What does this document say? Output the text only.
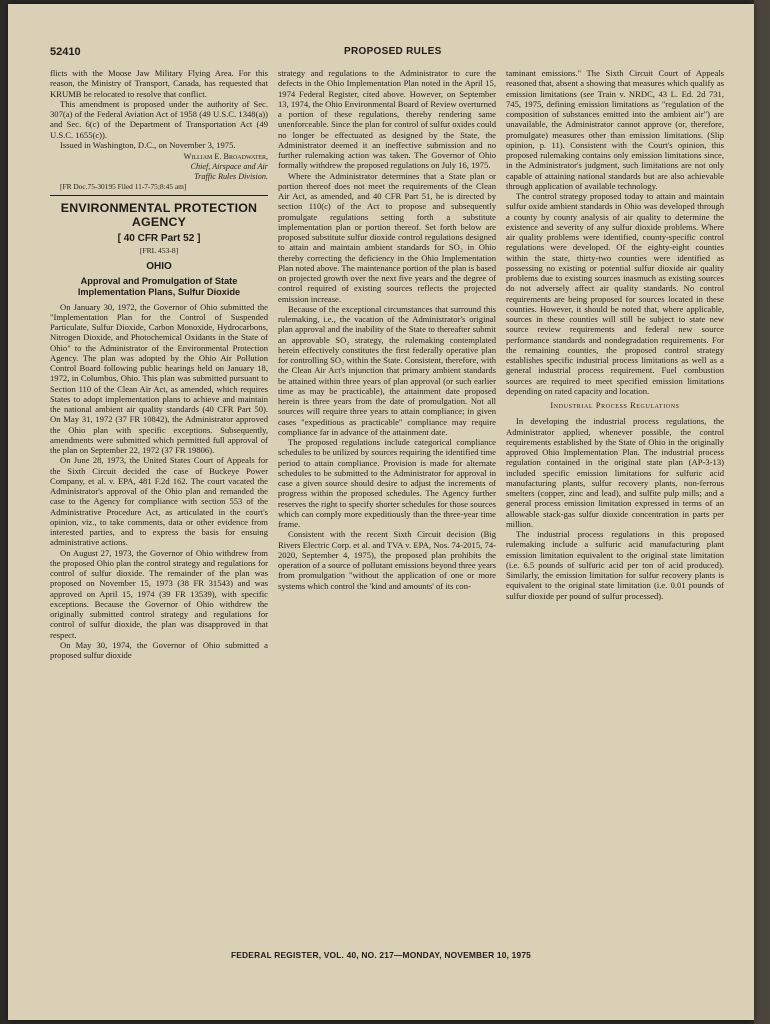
52410	PROPOSED RULES

flicts with the Moose Jaw Military Flying Area. For this reason, the Ministry of Transport, Canada, has requested that KRUMB be relocated to resolve that conflict.

This amendment is proposed under the authority of Sec. 307(a) of the Federal Aviation Act of 1958 (49 U.S.C. 1348(a)) and Sec. 6(c) of the Department of Transportation Act (49 U.S.C. 1655(c)).

Issued in Washington, D.C., on November 3, 1975.

William E. Broadwater,
Chief, Airspace and Air
Traffic Rules Division.

[FR Doc.75-30195 Filed 11-7-75;8:45 am]

ENVIRONMENTAL PROTECTION AGENCY
[ 40 CFR Part 52 ]
[FRL 453-8]
OHIO
Approval and Promulgation of State Implementation Plans, Sulfur Dioxide

On January 30, 1972, the Governor of Ohio submitted the "Implementation Plan for the Control of Suspended Particulate, Sulfur Dioxide, Carbon Monoxide, Hydrocarbons, Nitrogen Dioxide, and Photochemical Oxidants in the State of Ohio" to the Administrator of the Environmental Protection Agency. The plan was adopted by the Ohio Air Pollution Control Board following public hearings held on January 18, 1972, in Columbus, Ohio. This plan was submitted pursuant to Section 110 of the Clean Air Act, as amended, which requires States to adopt implementation plans to achieve and maintain the national ambient air quality standards (40 CFR Part 50). On May 31, 1972 (37 FR 10842), the Administrator approved the Ohio plan with specific exceptions. Subsequently, amendments were submitted which permitted full approval of the plan on September 22, 1972 (37 FR 19806).

On June 28, 1973, the United States Court of Appeals for the Sixth Circuit decided the case of Buckeye Power Company, et al. v. EPA, 481 F.2d 162. The court vacated the Administrator's approval of the Ohio plan and remanded the case to the Agency for compliance with section 553 of the Administrative Procedure Act, as articulated in the court's opinion, viz., to take comments, data or other evidence from interested parties, and to express the basis for ensuing administrative actions.

On August 27, 1973, the Governor of Ohio withdrew from the proposed Ohio plan the control strategy and regulations for control of sulfur dioxide. The remainder of the plan was proposed on November 15, 1973 (38 FR 31543) and was approved on April 15, 1974 (39 FR 13539), with specific exceptions. Because the Governor of Ohio withdrew the originally submitted control strategy and regulations for control of sulfur dioxide, the plan was disapproved in that respect.

On May 30, 1974, the Governor of Ohio submitted a proposed sulfur dioxide

strategy and regulations to the Administrator to cure the defects in the Ohio Implementation Plan noted in the April 15, 1974 Federal Register, cited above. However, on September 13, 1974, the Ohio Environmental Board of Review overturned a portion of these regulations, thereby rendering same unenforceable. Since the plan for control of sulfur oxides could no longer be effectuated as designed by the State, the Administrator deemed it an ineffective submission and no further rulemaking action was taken. The Governor of Ohio formally withdrew the proposed regulations on July 16, 1975.

Where the Administrator determines that a State plan or portion thereof does not meet the requirements of the Clean Air Act, as amended, and 40 CFR Part 51, he is directed by section 110(c) of the Act to propose and subsequently promulgate regulations setting forth a substitute implementation plan or portion thereof. Set forth below are proposed substitute sulfur dioxide control regulations designed to attain and maintain ambient standards for SO₂ in Ohio thereby correcting the deficiency in the Ohio Implementation Plan noted above. The maintenance portion of the plan is based on projected growth over the next five years and the degree of control required of existing sources reflects the projected emission increase.

Because of the exceptional circumstances that surround this rulemaking, i.e., the vacation of the Administrator's original plan approval and the inability of the State to thereafter submit an approvable SO₂ strategy, the rulemaking contemplated herein effectively constitutes the first federally operative plan for controlling SO₂ within the State. Consistent, therefore, with the Clean Air Act's injunction that primary ambient standards be attained within three years of plan approval (or such earlier time as may be practicable), the attainment date proposed herein is three years from the date of promulgation. Not all sources will require three years to attain compliance; in given cases "expeditious as practicable" compliance may require compliance far in advance of the attainment date.

The proposed regulations include categorical compliance schedules to be utilized by sources requiring the identified time period to attain compliance. Provision is made for alternate schedules to be submitted to the Administrator for approval in case a given source should desire to adjust the increments of progress within the proposed schedules. The Agency further reserves the right to specify shorter schedules for those sources which can comply more expeditiously than the three-year time frame.

Consistent with the recent Sixth Circuit decision (Big Rivers Electric Corp. et al. and TVA v. EPA, Nos. 74-2015, 74-2020, September 4, 1975), the proposed plan prohibits the operation of a source of pollutant emissions beyond three years from promulgation "without the application of one or more systems which control the 'kind and amounts' of its con-

taminant emissions." The Sixth Circuit Court of Appeals reasoned that, absent a showing that measures which qualify as emission limitations (see Train v. NRDC, 43 L. Ed. 2d 731, 745, 1975, defining emission limitations as "regulation of the composition of substances emitted into the ambient air") are unavailable, the Administrator cannot approve (or, therefore, promulgate) measures other than emission limitations. (Slip opinion, p. 11). Consistent with the Court's opinion, this proposed rulemaking contains only emission limitations since, in the Administrator's judgment, such limitations are not only capable of attaining national standards but are also achievable through application of available technology.

The control strategy proposed today to attain and maintain sulfur oxide ambient standards in Ohio was developed through a county by county analysis of air quality to determine the existence and severity of any sulfur dioxide problems. Where air quality problems were identified, county-specific control regulations were developed. Of the eighty-eight counties within the state, thirty-two counties were identified as possessing no existing or potential sulfur dioxide air quality problems due to existing sources inasmuch as existing sources do not adversely affect air quality standards. No control requirements are being proposed for sources located in these counties. However, it should be noted that, where applicable, sources in these counties will still be subject to state new source review requirements and federal new source performance standards and nondegradation requirements. For the remaining counties, the proposed control strategy establishes specific industrial process limitations as well as a general industrial process requirement. Fuel combustion sources are required to meet specified emission limitations depending on rated capacity and location.

Industrial Process Regulations

In developing the industrial process regulations, the Administrator applied, whenever possible, the control requirements established by the State of Ohio in the originally approved Ohio Implementation Plan. The industrial process regulation contained in the original state plan (AP-3-13) included specific emission limitations for sulfuric acid manufacturing plants, sulfur recovery plants, non-ferrous smelters (copper, zinc and lead), and sulfite pulp mills; and a general process emission limitation expressed in terms of an allowable stack-gas sulfur dioxide concentration in parts per million.

The industrial process regulations in this proposed rulemaking include a sulfuric acid manufacturing plant emission limitation equivalent to the original state limitation (i.e. 6.5 pounds of sulfuric acid per ton of acid produced). Similarly, the emission limitation for sulfur recovery plants is equivalent to the original state limitation (i.e. 0.01 pounds of sulfur dioxide per pound of sulfur processed).

FEDERAL REGISTER, VOL. 40, NO. 217—MONDAY, NOVEMBER 10, 1975
